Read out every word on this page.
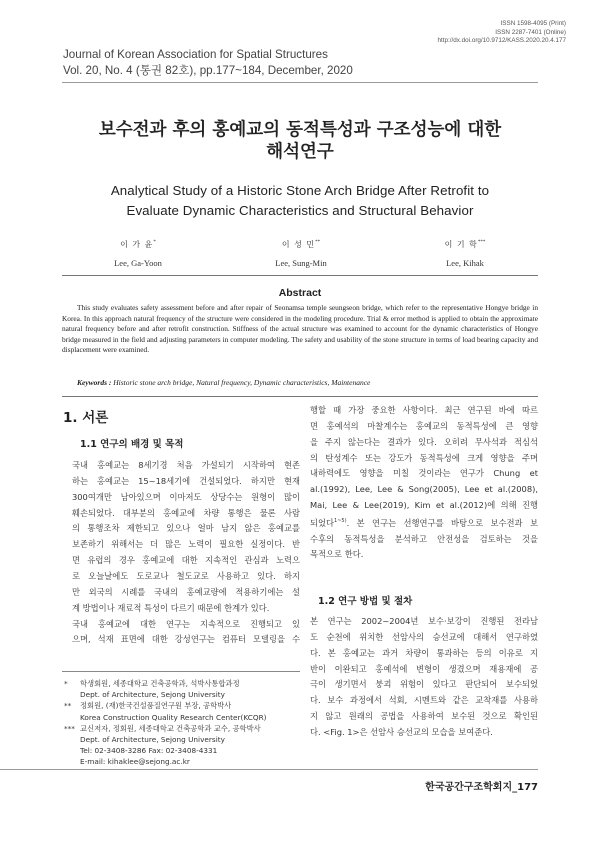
ISSN 1598-4095 (Print)
ISSN 2287-7401 (Online)
http://dx.doi.org/10.9712/KASS.2020.20.4.177
Journal of Korean Association for Spatial Structures
Vol. 20, No. 4 (통권 82호), pp.177~184, December, 2020
보수전과 후의 홍예교의 동적특성과 구조성능에 대한
해석연구
Analytical Study of a Historic Stone Arch Bridge After Retrofit to
Evaluate Dynamic Characteristics and Structural Behavior
이 가 윤*
Lee, Ga-Yoon
이 성 민**
Lee, Sung-Min
이 기 학***
Lee, Kihak
Abstract
This study evaluates safety assessment before and after repair of Seonamsa temple seungseon bridge, which refer to the representative Hongye bridge in Korea. In this approach natural frequency of the structure were considered in the modeling procedure. Trial & error method is applied to obtain the approximate natural frequency before and after retrofit construction. Stiffness of the actual structure was examined to account for the dynamic characteristics of Hongye bridge measured in the field and adjusting parameters in computer modeling. The safety and usability of the stone structure in terms of load bearing capacity and displacement were examined.
Keywords : Historic stone arch bridge, Natural frequency, Dynamic characteristics, Maintenance
1. 서론
1.1 연구의 배경 및 목적
국내 홍예교는 8세기경 처음 가설되기 시작하여 현존
하는 홍예교는 15~18세기에 건설되었다. 하지만 현재
300여개만 남아있으며 이마저도 상당수는 원형이 많이
훼손되었다. 대부분의 홍예교에 차량 통행은 물론 사람
의 통행조차 제한되고 있으나 얼마 남지 않은 홍예교를
보존하기 위해서는 더 많은 노력이 필요한 실정이다. 반
면 유럽의 경우 홍예교에 대한 지속적인 관심과 노력으
로 오늘날에도 도로교나 철도교로 사용하고 있다. 하지
만 외국의 시례를 국내의 홍예교량에 적용하기에는 설
계 방법이나 재료적 특성이 다르기 때문에 한계가 있다.
국내 홍예교에 대한 연구는 지속적으로 진행되고 있
으며, 석재 표면에 대한 강성연구는 컴퓨터 모델링을 수
*	학생회원, 세종대학교 건축공학과, 석박사통합과정
Dept. of Architecture, Sejong University
**	정회원, (재)한국건설품질연구원 부장, 공학박사
Korea Construction Quality Research Center(KCQR)
*** 교신저자, 정회원, 세종대학교 건축공학과 교수, 공학박사
Dept. of Architecture, Sejong University
Tel: 02-3408-3286 Fax: 02-3408-4331
E-mail: kihaklee@sejong.ac.kr
행할 때 가장 중요한 사항이다. 최근 연구된 바에 따르
면 홍예석의 마찰계수는 홍예교의 동적특성에 큰 영향
을 주지 않는다는 결과가 있다. 오히려 무사석과 적심석
의 탄성계수 또는 강도가 동적특성에 크게 영향을 주며
내하력에도 영향을 미칠 것이라는 연구가 Chung et
al.(1992), Lee, Lee & Song(2005), Lee et al.(2008),
Mai, Lee & Lee(2019), Kim et al.(2012)에 의해 진행
되었다$^{1\sim 5)}$. 본 연구는 선행연구를 바탕으로 보수전과 보
수후의 동적특성을 분석하고 안전성을 검토하는 것을
목적으로 한다.
1.2 연구 방법 및 절차
본 연구는 2002~2004년 보수‧보강이 진행된 전라남
도 순천에 위치한 선암사의 승선교에 대해서 연구하였
다. 본 홍예교는 과거 차량이 통과하는 등의 이유로 지
반이 이완되고 홍예석에 변형이 생겼으며 재용재에 공
극이 생기면서 붕괴 위험이 있다고 판단되어 보수되었
다. 보수 과정에서 석회, 시멘트와 같은 교착재를 사용하
지 않고 원래의 공법을 사용하여 보수된 것으로 확인된
다. <Fig. 1>은 선암사 승선교의 모습을 보여준다.
한국공간구조학회지_177
